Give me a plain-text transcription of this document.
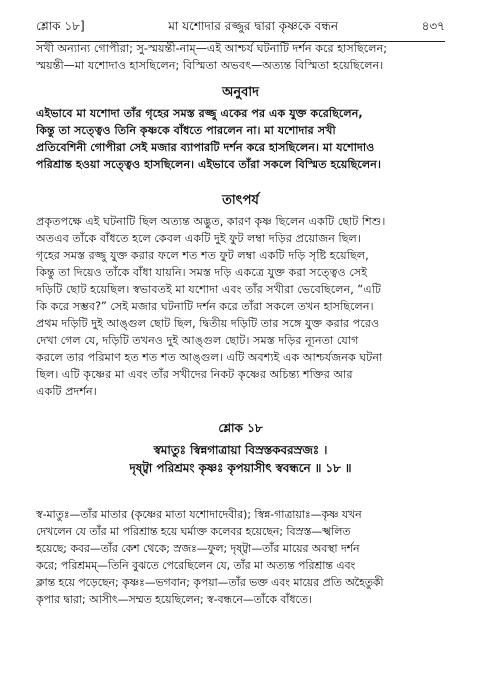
শ্লোক ১৮]	মা যশোদার রজ্জুর দ্বারা কৃষ্ণকে বন্ধন	৪৩৭
সখী অন্যান্য গোপীরা; সু-স্ময়ন্তী-নাম্—এই আশ্চর্য ঘটনাটি দর্শন করে হাসছিলেন;
স্ময়ন্তী—মা যশোদাও হাসছিলেন; বিস্মিতা অভবৎ—অত্যন্ত বিস্মিতা হয়েছিলেন।
অনুবাদ
এইভাবে মা যশোদা তাঁর গৃহের সমস্ত রজ্জু একের পর এক যুক্ত করেছিলেন,
কিন্তু তা সত্ত্বেও তিনি কৃষ্ণকে বাঁধতে পারলেন না। মা যশোদার সখী
প্রতিবেশিনী গোপীরা সেই মজার ব্যাপারটি দর্শন করে হাসছিলেন। মা যশোদাও
পরিশ্রান্ত হওয়া সত্ত্বেও হাসছিলেন। এইভাবে তাঁরা সকলে বিস্মিত হয়েছিলেন।
তাৎপর্য
প্রকৃতপক্ষে এই ঘটনাটি ছিল অত্যন্ত অদ্ভুত, কারণ কৃষ্ণ ছিলেন একটি ছোট শিশু।
অতএব তাঁকে বাঁধতে হলে কেবল একটি দুই ফুট লম্বা দড়ির প্রয়োজন ছিল।
গৃহের সমস্ত রজ্জু যুক্ত করার ফলে শত শত ফুট লম্বা একটি দড়ি সৃষ্টি হয়েছিল,
কিন্তু তা দিয়েও তাঁকে বাঁধা যায়নি। সমস্ত দড়ি একত্রে যুক্ত করা সত্ত্বেও সেই
দড়িটি ছোট হয়েছিল। স্বভাবতই মা যশোদা এবং তাঁর সখীরা ভেবেছিলেন, “এটি
কি করে সম্ভব?” সেই মজার ঘটনাটি দর্শন করে তাঁরা সকলে তখন হাসছিলেন।
প্রথম দড়িটি দুই আঙ্গুল ছোট ছিল, দ্বিতীয় দড়িটি তার সঙ্গে যুক্ত করার পরেও
দেখা গেল যে, দড়িটি তখনও দুই আঙ্গুল ছোট। সমস্ত দড়ির ন্যূনতা যোগ
করলে তার পরিমাণ হত শত শত আঙ্গুল। এটি অবশ্যই এক আশ্চর্যজনক ঘটনা
ছিল। এটি কৃষ্ণের মা এবং তাঁর সখীদের নিকট কৃষ্ণের অচিন্ত্য শক্তির আর
একটি প্রদর্শন।
শ্লোক ১৮
স্বমাতুঃ স্বিন্নগাত্রায়া বিস্রস্তকবরস্রজঃ ।
দৃষ্ট্বা পরিশ্রমং কৃষ্ণঃ কৃপয়াসীৎ স্ববন্ধনে ॥ ১৮ ॥
স্ব-মাতুঃ—তাঁর মাতার (কৃষ্ণের মাতা যশোদাদেবীর); স্বিন্ন-গাত্রায়াঃ—কৃষ্ণ যখন
দেখলেন যে তাঁর মা পরিশ্রান্ত হয়ে ঘর্মাক্ত কলেবর হয়েছেন; বিস্রস্ত—স্খলিত
হয়েছে; কবর—তাঁর কেশ থেকে; স্রজঃ—ফুল; দৃষ্ট্বা—তাঁর মায়ের অবস্থা দর্শন
করে; পরিশ্রমম্—তিনি বুঝতে পেরেছিলেন যে, তাঁর মা অত্যন্ত পরিশ্রান্ত এবং
ক্লান্ত হয়ে পড়েছেন; কৃষ্ণঃ—ভগবান; কৃপয়া—তাঁর ভক্ত এবং মায়ের প্রতি অহৈতুকী
কৃপার দ্বারা; আসীৎ—সম্মত হয়েছিলেন; স্ব-বন্ধনে—তাঁকে বাঁধতে।
